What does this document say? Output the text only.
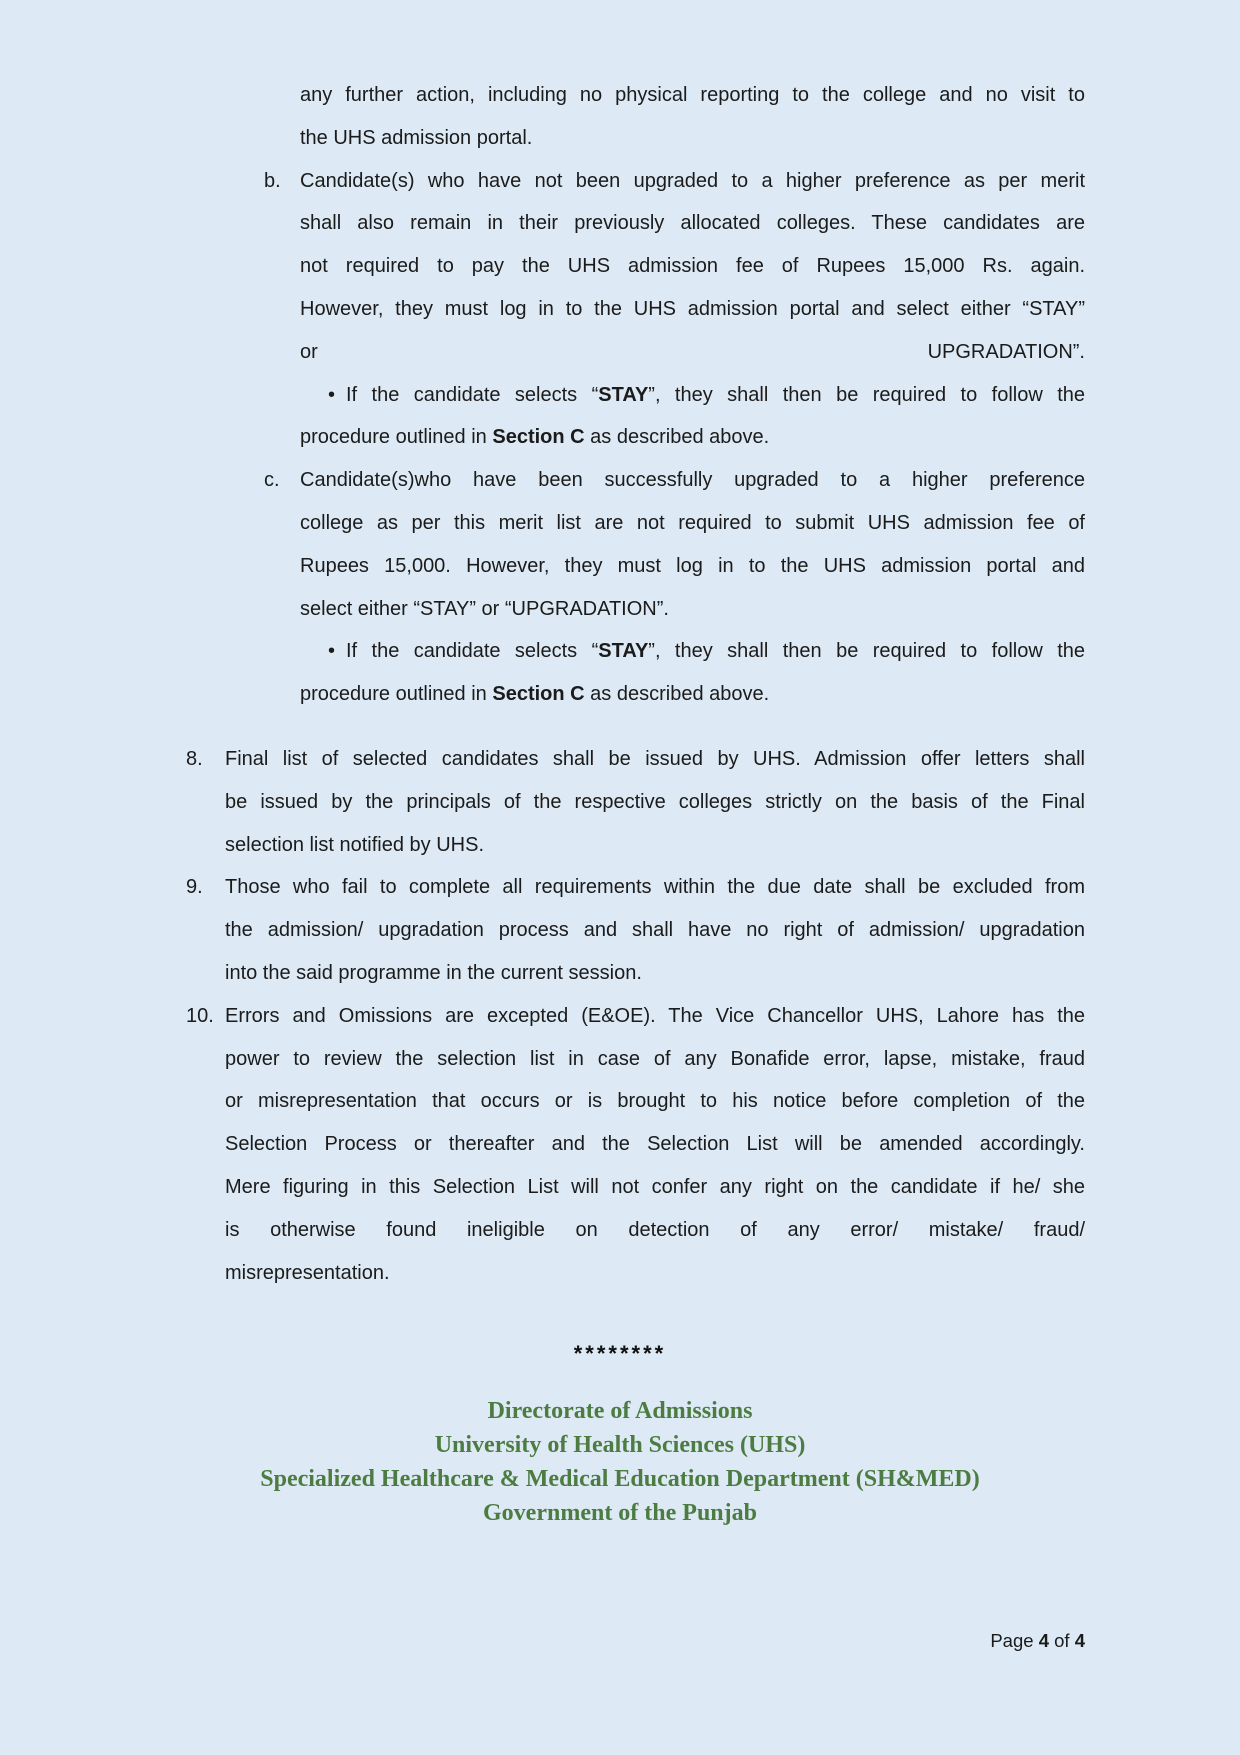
any further action, including no physical reporting to the college and no visit to
the UHS admission portal.
b. Candidate(s) who have not been upgraded to a higher preference as per merit
shall also remain in their previously allocated colleges. These candidates are
not required to pay the UHS admission fee of Rupees 15,000 Rs. again.
However, they must log in to the UHS admission portal and select either “STAY”
or UPGRADATION”.
• If the candidate selects “STAY”, they shall then be required to follow the
procedure outlined in Section C as described above.
c. Candidate(s)who have been successfully upgraded to a higher preference
college as per this merit list are not required to submit UHS admission fee of
Rupees 15,000. However, they must log in to the UHS admission portal and
select either “STAY” or “UPGRADATION”.
• If the candidate selects “STAY”, they shall then be required to follow the
procedure outlined in Section C as described above.
8. Final list of selected candidates shall be issued by UHS. Admission offer letters shall
be issued by the principals of the respective colleges strictly on the basis of the Final
selection list notified by UHS.
9. Those who fail to complete all requirements within the due date shall be excluded from
the admission/ upgradation process and shall have no right of admission/ upgradation
into the said programme in the current session.
10. Errors and Omissions are excepted (E&OE). The Vice Chancellor UHS, Lahore has the
power to review the selection list in case of any Bonafide error, lapse, mistake, fraud
or misrepresentation that occurs or is brought to his notice before completion of the
Selection Process or thereafter and the Selection List will be amended accordingly.
Mere figuring in this Selection List will not confer any right on the candidate if he/ she
is otherwise found ineligible on detection of any error/ mistake/ fraud/
misrepresentation.
********
Directorate of Admissions
University of Health Sciences (UHS)
Specialized Healthcare & Medical Education Department (SH&MED)
Government of the Punjab
Page 4 of 4
